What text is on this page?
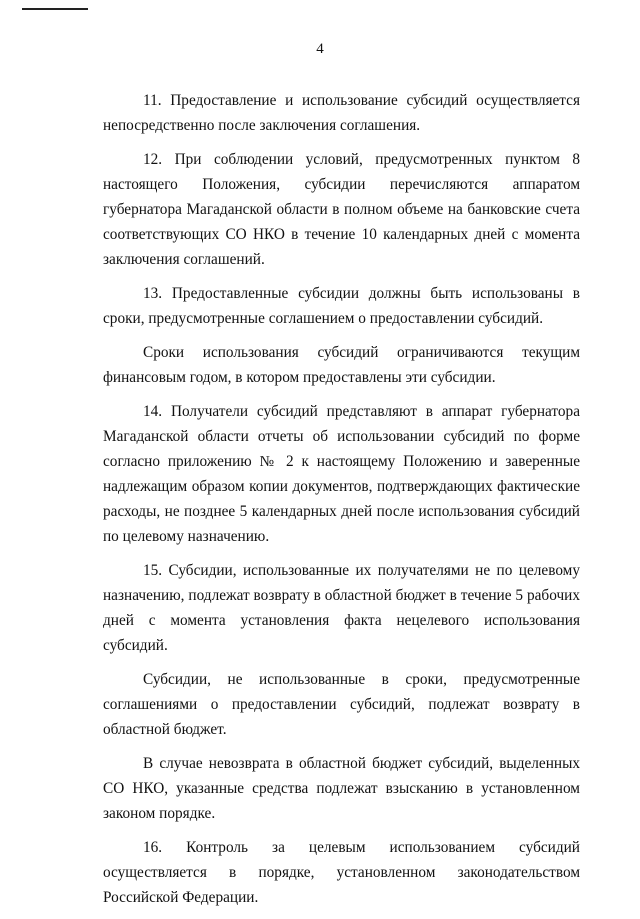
4

11. Предоставление и использование субсидий осуществляется непосредственно после заключения соглашения.

12. При соблюдении условий, предусмотренных пунктом 8 настоящего Положения, субсидии перечисляются аппаратом губернатора Магаданской области в полном объеме на банковские счета соответствующих СО НКО в течение 10 календарных дней с момента заключения соглашений.

13. Предоставленные субсидии должны быть использованы в сроки, предусмотренные соглашением о предоставлении субсидий.

Сроки использования субсидий ограничиваются текущим финансовым годом, в котором предоставлены эти субсидии.

14. Получатели субсидий представляют в аппарат губернатора Магаданской области отчеты об использовании субсидий по форме согласно приложению № 2 к настоящему Положению и заверенные надлежащим образом копии документов, подтверждающих фактические расходы, не позднее 5 календарных дней после использования субсидий по целевому назначению.

15. Субсидии, использованные их получателями не по целевому назначению, подлежат возврату в областной бюджет в течение 5 рабочих дней с момента установления факта нецелевого использования субсидий.

Субсидии, не использованные в сроки, предусмотренные соглашениями о предоставлении субсидий, подлежат возврату в областной бюджет.

В случае невозврата в областной бюджет субсидий, выделенных СО НКО, указанные средства подлежат взысканию в установленном законом порядке.

16. Контроль за целевым использованием субсидий осуществляется в порядке, установленном законодательством Российской Федерации.
